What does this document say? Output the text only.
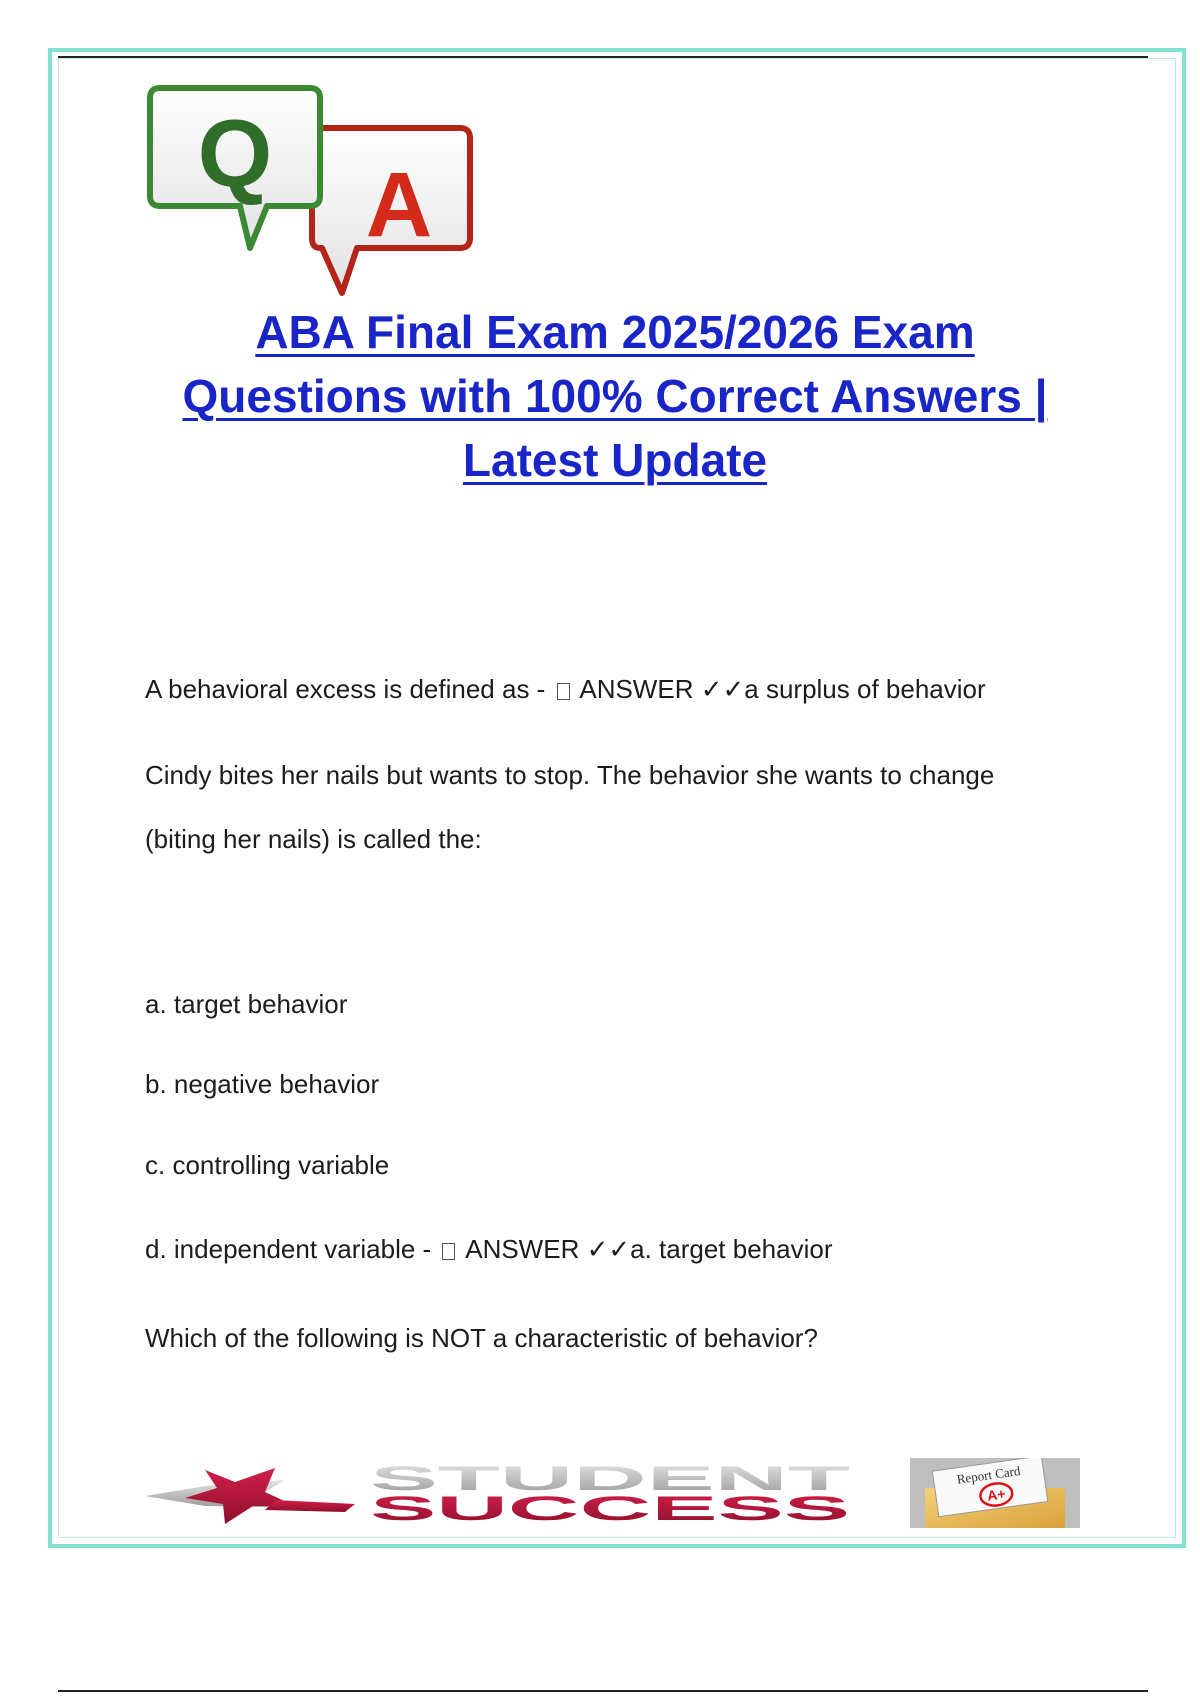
A
Q
ABA Final Exam 2025/2026 Exam
Questions with 100% Correct Answers |
Latest Update

A behavioral excess is defined as -  ANSWER ✓✓a surplus of behavior

Cindy bites her nails but wants to stop. The behavior she wants to change

(biting her nails) is called the:

a. target behavior

b. negative behavior

c. controlling variable

d. independent variable -  ANSWER ✓✓a. target behavior

Which of the following is NOT a characteristic of behavior?

STUDENT
SUCCESS
Report Card
A+
